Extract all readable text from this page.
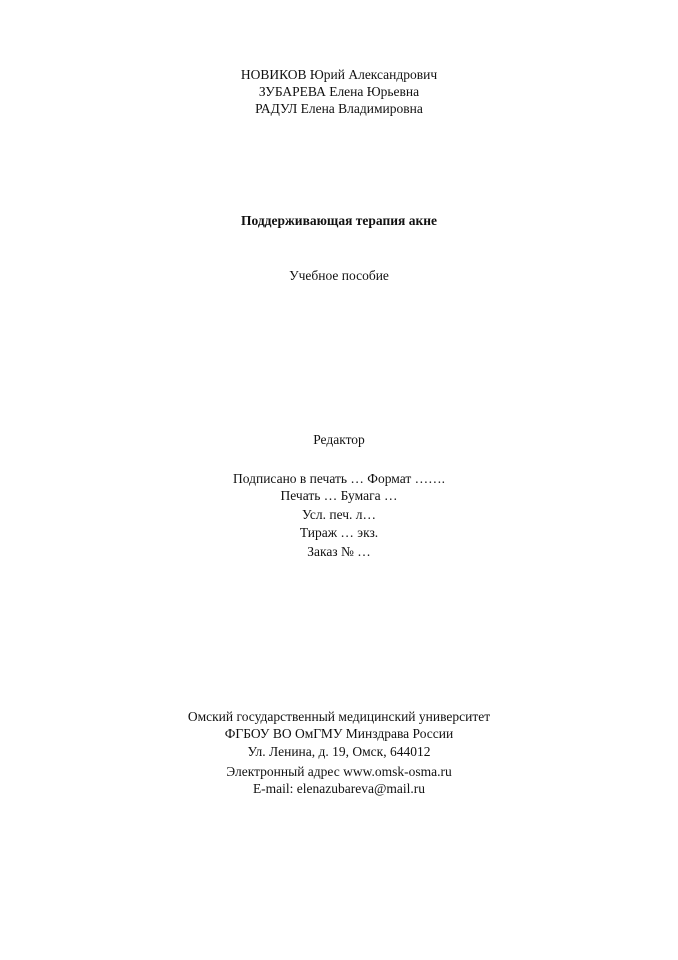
НОВИКОВ Юрий Александрович
ЗУБАРЕВА Елена Юрьевна
РАДУЛ Елена Владимировна
Поддерживающая терапия акне
Учебное пособие
Редактор
Подписано в печать … Формат …….
Печать … Бумага …
Усл. печ. л…
Тираж … экз.
Заказ № …
Омский государственный медицинский университет
ФГБОУ ВО ОмГМУ Минздрава России
Ул. Ленина, д. 19, Омск, 644012
Электронный адрес www.omsk-osma.ru
E-mail: elenazubareva@mail.ru
